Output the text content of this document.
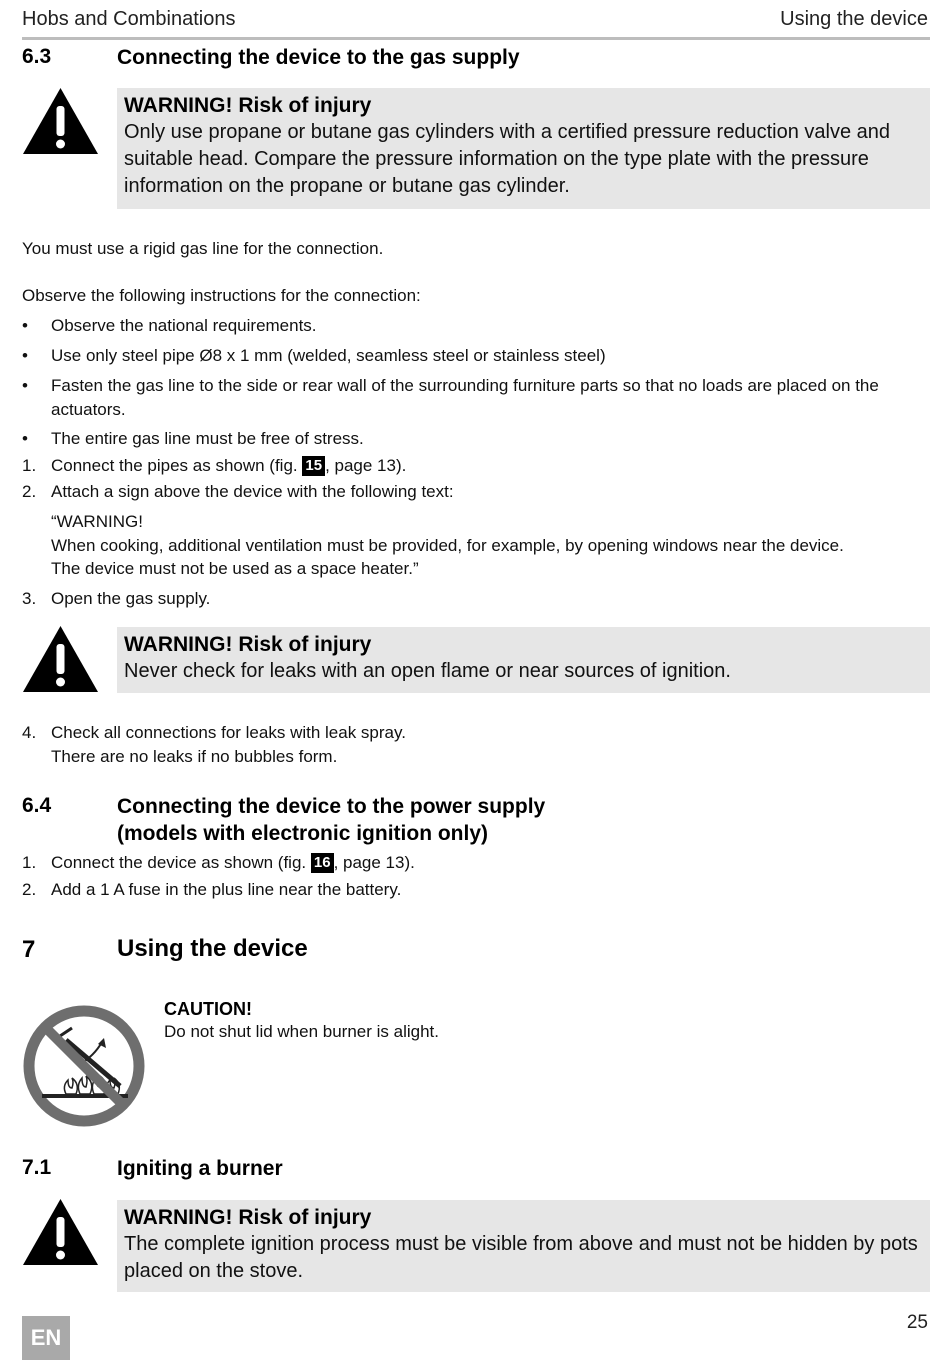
Hobs and Combinations	Using the device
6.3	Connecting the device to the gas supply
WARNING! Risk of injury
Only use propane or butane gas cylinders with a certified pressure reduction valve and suitable head. Compare the pressure information on the type plate with the pressure information on the propane or butane gas cylinder.
You must use a rigid gas line for the connection.
Observe the following instructions for the connection:
• Observe the national requirements.
• Use only steel pipe Ø8 x 1 mm (welded, seamless steel or stainless steel)
• Fasten the gas line to the side or rear wall of the surrounding furniture parts so that no loads are placed on the actuators.
• The entire gas line must be free of stress.
1. Connect the pipes as shown (fig. 15 , page 13).
2. Attach a sign above the device with the following text:
“WARNING!
When cooking, additional ventilation must be provided, for example, by opening windows near the device.
The device must not be used as a space heater.”
3. Open the gas supply.
WARNING! Risk of injury
Never check for leaks with an open flame or near sources of ignition.
4. Check all connections for leaks with leak spray.
There are no leaks if no bubbles form.
6.4	Connecting the device to the power supply
(models with electronic ignition only)
1. Connect the device as shown (fig. 16 , page 13).
2. Add a 1 A fuse in the plus line near the battery.
7	Using the device
CAUTION!
Do not shut lid when burner is alight.
7.1	Igniting a burner
WARNING! Risk of injury
The complete ignition process must be visible from above and must not be hidden by pots placed on the stove.
EN
25
